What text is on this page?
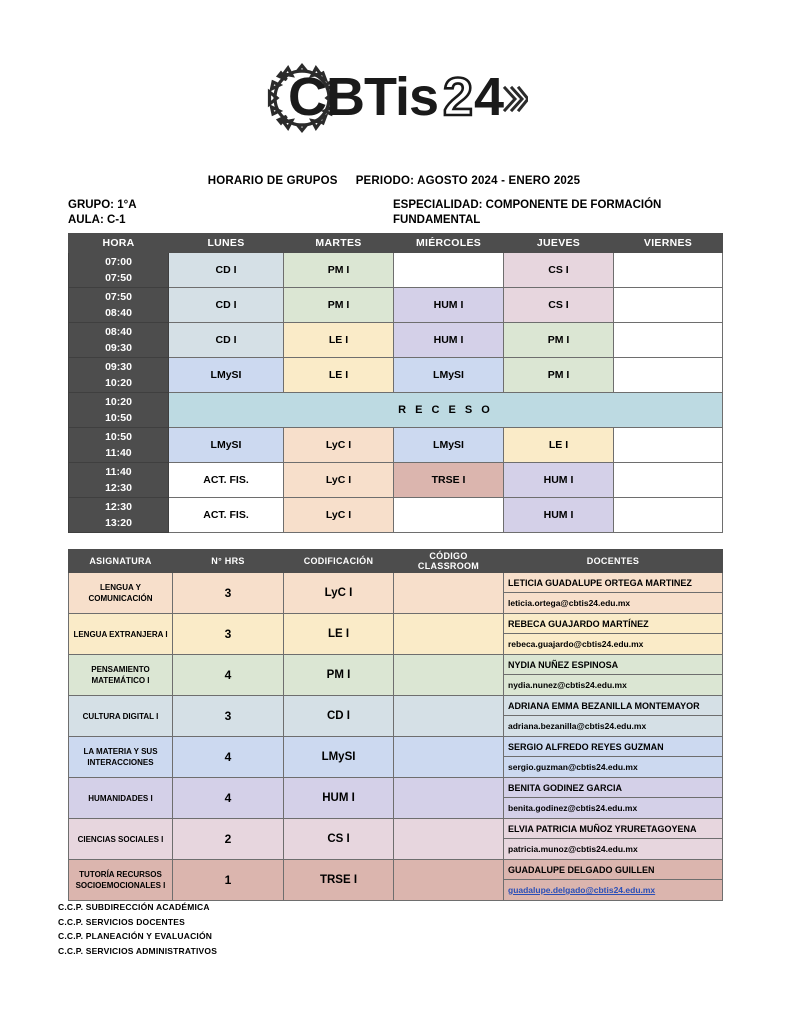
CBTis 2 4
HORARIO DE GRUPOS PERIODO: AGOSTO 2024 - ENERO 2025
GRUPO: 1°A
AULA: C-1
ESPECIALIDAD: COMPONENTE DE FORMACIÓN
FUNDAMENTAL
HORA	LUNES	MARTES	MIÉRCOLES	JUEVES	VIERNES

07:00
07:50	CD I	PM I		CS I	

07:50
08:40	CD I	PM I	HUM I	CS I	

08:40
09:30	CD I	LE I	HUM I	PM I	

09:30
10:20	LMySI	LE I	LMySI	PM I	

10:20
10:50	R E C E S O				

10:50
11:40	LMySI	LyC I	LMySI	LE I	

11:40
12:30	ACT. FIS.	LyC I	TRSE I	HUM I	

12:30
13:20	ACT. FIS.	LyC I		HUM I	
ASIGNATURA	N° HRS	CODIFICACIÓN	CÓDIGO
CLASSROOM	DOCENTES
LENGUA Y COMUNICACIÓN	3	LyC I		LETICIA GUADALUPE ORTEGA MARTINEZ
leticia.ortega@cbtis24.edu.mx

LENGUA EXTRANJERA I	3	LE I		REBECA GUAJARDO MARTÍNEZ
rebeca.guajardo@cbtis24.edu.mx

PENSAMIENTO MATEMÁTICO I	4	PM I		NYDIA NUÑEZ ESPINOSA
nydia.nunez@cbtis24.edu.mx

CULTURA DIGITAL I	3	CD I		ADRIANA EMMA BEZANILLA MONTEMAYOR
adriana.bezanilla@cbtis24.edu.mx

LA MATERIA Y SUS INTERACCIONES	4	LMySI		SERGIO ALFREDO REYES GUZMAN
sergio.guzman@cbtis24.edu.mx

HUMANIDADES I	4	HUM I		BENITA GODINEZ GARCIA
benita.godinez@cbtis24.edu.mx

CIENCIAS SOCIALES I	2	CS I		ELVIA PATRICIA MUÑOZ YRURETAGOYENA
patricia.munoz@cbtis24.edu.mx

TUTORÍA RECURSOS SOCIOEMOCIONALES I	1	TRSE I		GUADALUPE DELGADO GUILLEN
guadalupe.delgado@cbtis24.edu.mx
C.C.P. SUBDIRECCIÓN ACADÉMICA
C.C.P. SERVICIOS DOCENTES
C.C.P. PLANEACIÓN Y EVALUACIÓN
C.C.P. SERVICIOS ADMINISTRATIVOS
